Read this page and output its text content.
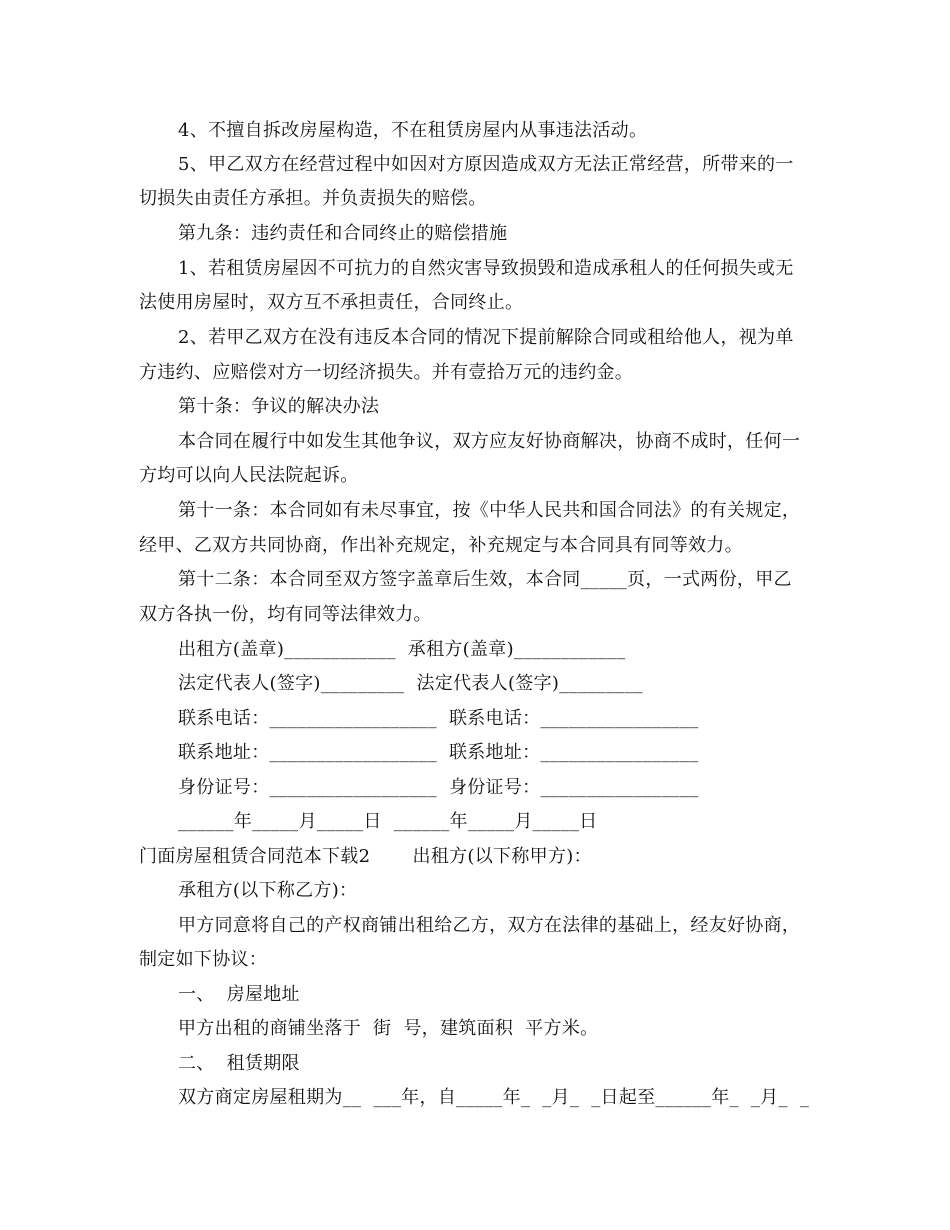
4、不擅自拆改房屋构造，不在租赁房屋内从事违法活动。
5、甲乙双方在经营过程中如因对方原因造成双方无法正常经营，所带来的一
切损失由责任方承担。并负责损失的赔偿。
第九条：违约责任和合同终止的赔偿措施
1、若租赁房屋因不可抗力的自然灾害导致损毁和造成承租人的任何损失或无
法使用房屋时，双方互不承担责任，合同终止。
2、若甲乙双方在没有违反本合同的情况下提前解除合同或租给他人，视为单
方违约、应赔偿对方一切经济损失。并有壹拾万元的违约金。
第十条：争议的解决办法
本合同在履行中如发生其他争议，双方应友好协商解决，协商不成时，任何一
方均可以向人民法院起诉。
第十一条：本合同如有未尽事宜，按《中华人民共和国合同法》的有关规定，
经甲、乙双方共同协商，作出补充规定，补充规定与本合同具有同等效力。
第十二条：本合同至双方签字盖章后生效，本合同_____页，一式两份，甲乙
双方各执一份，均有同等法律效力。
出租方(盖章)____________  承租方(盖章)____________
法定代表人(签字)_________  法定代表人(签字)_________
联系电话：__________________  联系电话：_________________
联系地址：__________________  联系地址：_________________
身份证号：__________________  身份证号：_________________
______年_____月_____日  ______年_____月_____日
门面房屋租赁合同范本下载2       出租方(以下称甲方)：
承租方(以下称乙方)：
甲方同意将自己的产权商铺出租给乙方，双方在法律的基础上，经友好协商，
制定如下协议：
一、  房屋地址
甲方出租的商铺坐落于  街  号，建筑面积  平方米。
二、  租赁期限
双方商定房屋租期为__  ___年，自_____年_  _月_  _日起至______年_  _月_  _
